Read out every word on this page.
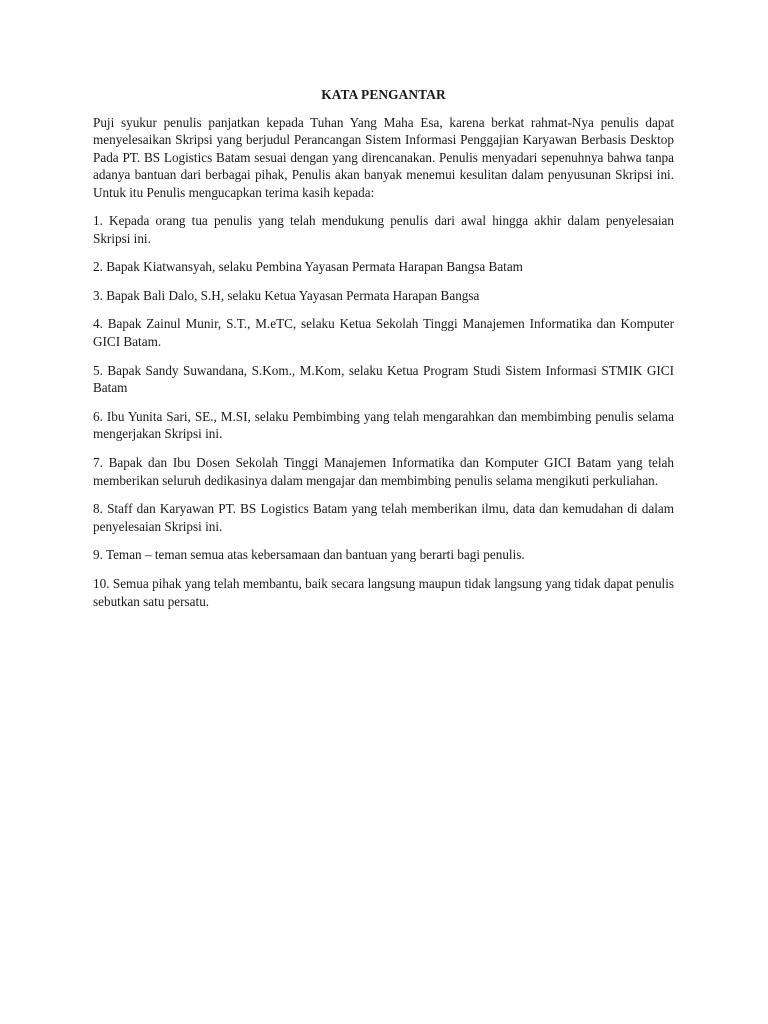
KATA PENGANTAR

Puji syukur penulis panjatkan kepada Tuhan Yang Maha Esa, karena berkat rahmat-Nya penulis dapat menyelesaikan Skripsi yang berjudul Perancangan Sistem Informasi Penggajian Karyawan Berbasis Desktop Pada PT. BS Logistics Batam sesuai dengan yang direncanakan. Penulis menyadari sepenuhnya bahwa tanpa adanya bantuan dari berbagai pihak, Penulis akan banyak menemui kesulitan dalam penyusunan Skripsi ini. Untuk itu Penulis mengucapkan terima kasih kepada:

1. Kepada orang tua penulis yang telah mendukung penulis dari awal hingga akhir dalam penyelesaian Skripsi ini.

2. Bapak Kiatwansyah, selaku Pembina Yayasan Permata Harapan Bangsa Batam

3. Bapak Bali Dalo, S.H, selaku Ketua Yayasan Permata Harapan Bangsa

4. Bapak Zainul Munir, S.T., M.eTC, selaku Ketua Sekolah Tinggi Manajemen Informatika dan Komputer GICI Batam.

5. Bapak Sandy Suwandana, S.Kom., M.Kom, selaku Ketua Program Studi Sistem Informasi STMIK GICI Batam

6. Ibu Yunita Sari, SE., M.SI, selaku Pembimbing yang telah mengarahkan dan membimbing penulis selama mengerjakan Skripsi ini.

7. Bapak dan Ibu Dosen Sekolah Tinggi Manajemen Informatika dan Komputer GICI Batam yang telah memberikan seluruh dedikasinya dalam mengajar dan membimbing penulis selama mengikuti perkuliahan.

8. Staff dan Karyawan PT. BS Logistics Batam yang telah memberikan ilmu, data dan kemudahan di dalam penyelesaian Skripsi ini.

9. Teman – teman semua atas kebersamaan dan bantuan yang berarti bagi penulis.

10. Semua pihak yang telah membantu, baik secara langsung maupun tidak langsung yang tidak dapat penulis sebutkan satu persatu.
